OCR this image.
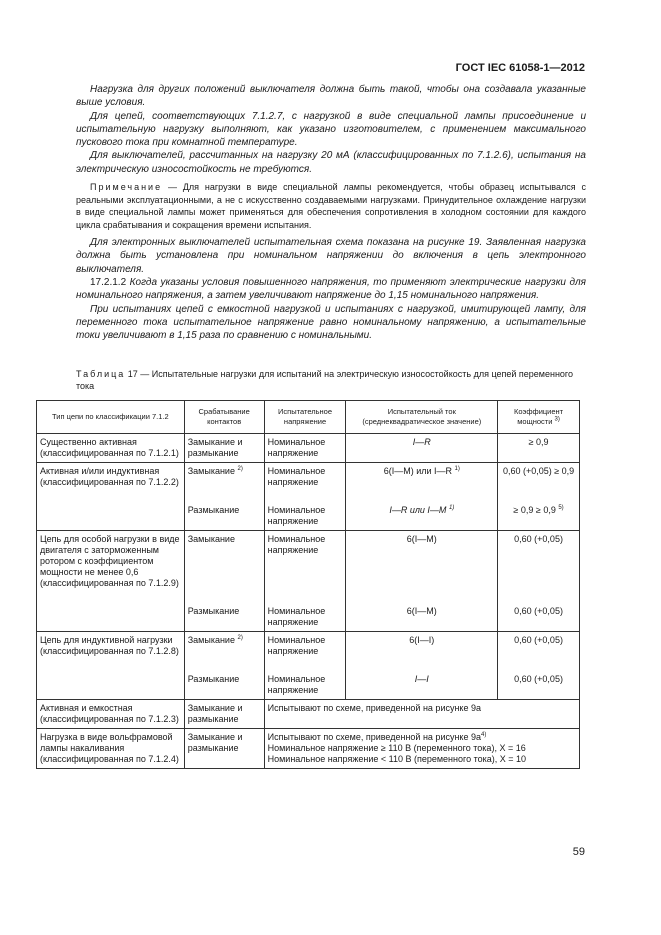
ГОСТ IEC 61058-1—2012

Нагрузка для других положений выключателя должна быть такой, чтобы она создавала указанные выше условия.

Для цепей, соответствующих 7.1.2.7, с нагрузкой в виде специальной лампы присоединение и испытательную нагрузку выполняют, как указано изготовителем, с применением максимального пускового тока при комнатной температуре.

Для выключателей, рассчитанных на нагрузку 20 мА (классифицированных по 7.1.2.6), испытания на электрическую износостойкость не требуются.

Примечание — Для нагрузки в виде специальной лампы рекомендуется, чтобы образец испытывался с реальными эксплуатационными, а не с искусственно создаваемыми нагрузками. Принудительное охлаждение нагрузки в виде специальной лампы может применяться для обеспечения сопротивления в холодном состоянии для каждого цикла срабатывания и сокращения времени испытания.

Для электронных выключателей испытательная схема показана на рисунке 19. Заявленная нагрузка должна быть установлена при номинальном напряжении до включения в цепь электронного выключателя.

17.2.1.2 Когда указаны условия повышенного напряжения, то применяют электрические нагрузки для номинального напряжения, а затем увеличивают напряжение до 1,15 номинального напряжения.

При испытаниях цепей с емкостной нагрузкой и испытаниях с нагрузкой, имитирующей лампу, для переменного тока испытательное напряжение равно номинальному напряжению, а испытательные токи увеличивают в 1,15 раза по сравнению с номинальными.

Таблица 17 — Испытательные нагрузки для испытаний на электрическую износостойкость для цепей переменного тока
Тип цепи по классификации 7.1.2	Срабатывание контактов	Испытательное напряжение	Испытательный ток (среднеквадратическое значение)	Коэффициент мощности $^{3)}$
Существенно активная (классифицированная по 7.1.2.1)	Замыкание и размыкание	Номинальное напряжение	I—R	≥ 0,9
Активная и/или индуктивная (классифицированная по 7.1.2.2)	Замыкание $^{2)}$	Номинальное напряжение	6(I—M) или I—R $^{1)}$	0,60 (+0,05) ≥ 0,9
	Размыкание	Номинальное напряжение	I—R или I—M $^{1)}$	≥ 0,9 ≥ 0,9 $^{5)}$
Цепь для особой нагрузки в виде двигателя с заторможенным ротором с коэффициентом мощности не менее 0,6 (классифицированная по 7.1.2.9)	Замыкание	Номинальное напряжение	6(I—M)	0,60 (+0,05)
	Размыкание	Номинальное напряжение	6(I—M)	0,60 (+0,05)
Цепь для индуктивной нагрузки (классифицированная по 7.1.2.8)	Замыкание $^{2)}$	Номинальное напряжение	6(I—I)	0,60 (+0,05)
	Размыкание	Номинальное напряжение	I—I	0,60 (+0,05)
Активная и емкостная (классифицированная по 7.1.2.3)	Замыкание и размыкание	Испытывают по схеме, приведенной на рисунке 9а		
Нагрузка в виде вольфрамовой лампы накаливания (классифицированная по 7.1.2.4)	Замыкание и размыкание	Испытывают по схеме, приведенной на рисунке $9а^{4)}$
Номинальное напряжение ≥ 110 В (переменного тока), X = 16
Номинальное напряжение < 110 В (переменного тока), X = 10		
59
